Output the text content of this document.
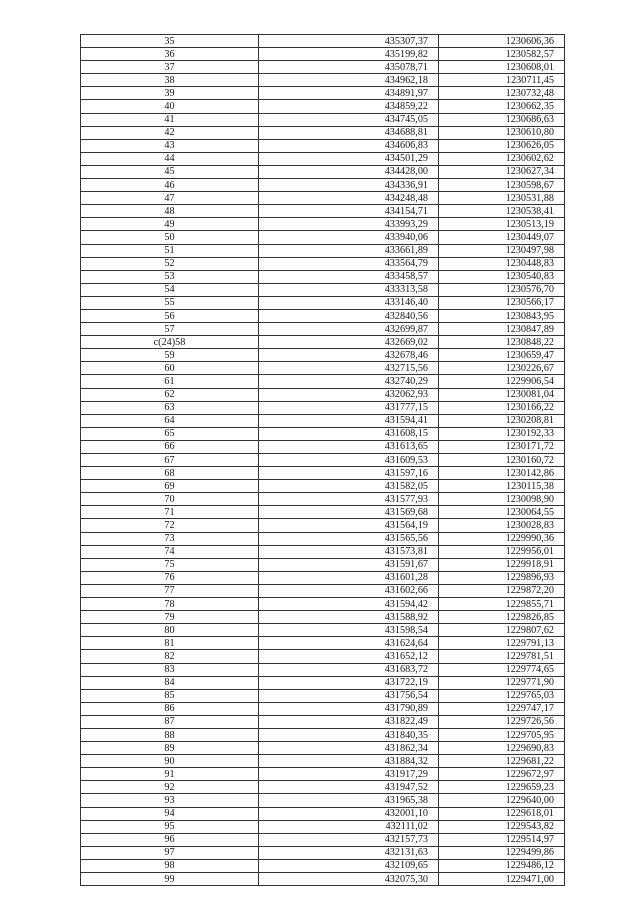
35	435307,37	1230606,36
36	435199,82	1230582,57
37	435078,71	1230608,01
38	434962,18	1230711,45
39	434891,97	1230732,48
40	434859,22	1230662,35
41	434745,05	1230686,63
42	434688,81	1230610,80
43	434606,83	1230626,05
44	434501,29	1230602,62
45	434428,00	1230627,34
46	434336,91	1230598,67
47	434248,48	1230531,88
48	434154,71	1230538,41
49	433993,29	1230513,19
50	433940,06	1230449,07
51	433661,89	1230497,98
52	433564,79	1230448,83
53	433458,57	1230540,83
54	433313,58	1230576,70
55	433146,40	1230566,17
56	432840,56	1230843,95
57	432699,87	1230847,89
с(24)58	432669,02	1230848,22
59	432678,46	1230659,47
60	432715,56	1230226,67
61	432740,29	1229906,54
62	432062,93	1230081,04
63	431777,15	1230166,22
64	431594,41	1230208,81
65	431608,15	1230192,33
66	431613,65	1230171,72
67	431609,53	1230160,72
68	431597,16	1230142,86
69	431582,05	1230115,38
70	431577,93	1230098,90
71	431569,68	1230064,55
72	431564,19	1230028,83
73	431565,56	1229990,36
74	431573,81	1229956,01
75	431591,67	1229918,91
76	431601,28	1229896,93
77	431602,66	1229872,20
78	431594,42	1229855,71
79	431588,92	1229826,85
80	431598,54	1229807,62
81	431624,64	1229791,13
82	431652,12	1229781,51
83	431683,72	1229774,65
84	431722,19	1229771,90
85	431756,54	1229765,03
86	431790,89	1229747,17
87	431822,49	1229726,56
88	431840,35	1229705,95
89	431862,34	1229690,83
90	431884,32	1229681,22
91	431917,29	1229672,97
92	431947,52	1229659,23
93	431965,38	1229640,00
94	432001,10	1229618,01
95	432111,02	1229543,82
96	432157,73	1229514,97
97	432131,63	1229499,86
98	432109,65	1229486,12
99	432075,30	1229471,00
